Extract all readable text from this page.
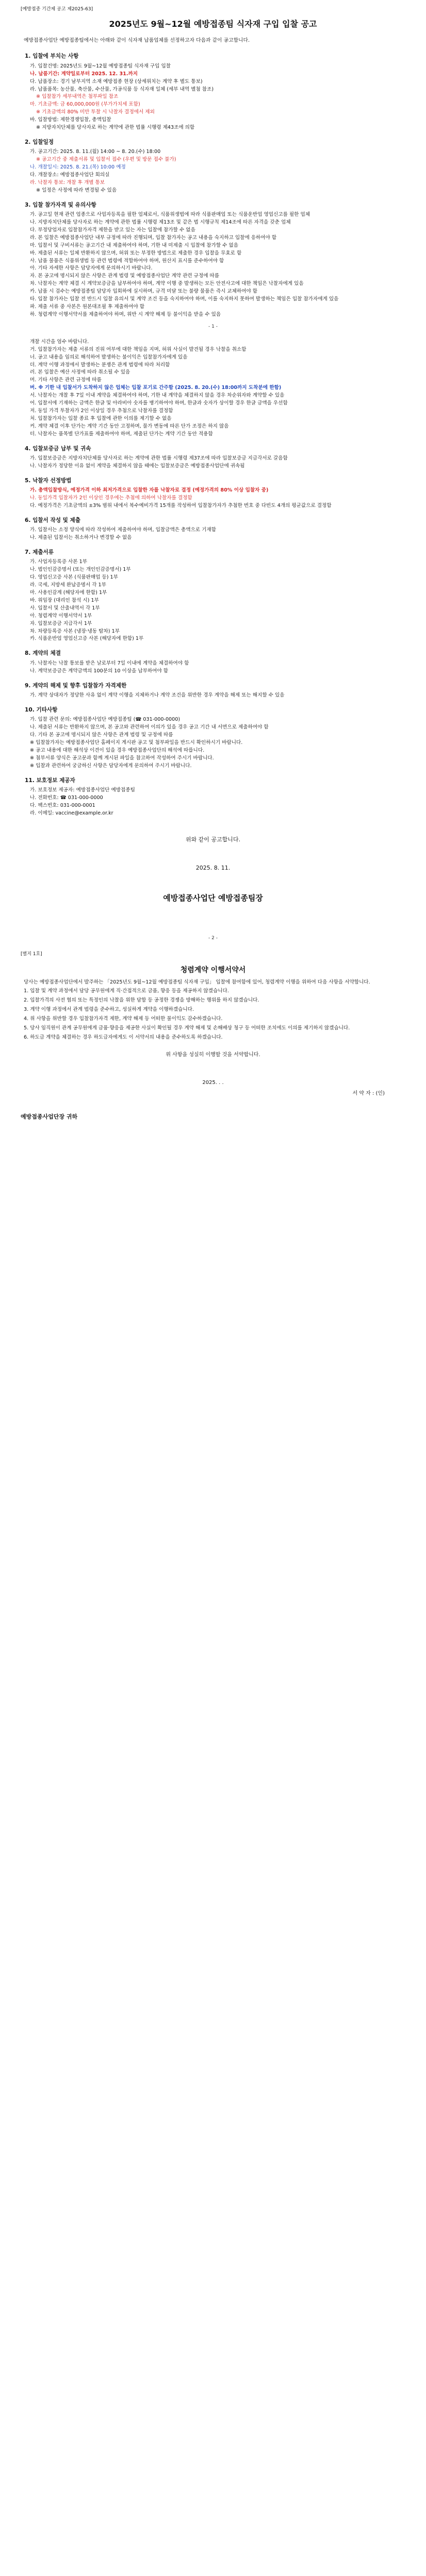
[예방접종 기간제 공고 제2025-63]
2025년도 9월~12월 예방접종팀 식자재 구입 입찰 공고
예방접종사업단 예방접종팀에서는 아래와 같이 식자재 납품업체를 선정하고자 다음과 같이 공고합니다.
1. 입찰에 부치는 사항
가. 입찰건명: 2025년도 9월~12월 예방접종팀 식자재 구입 입찰
나. 납품기간: 계약일로부터 2025. 12. 31.까지
다. 납품장소: 경기 남부지역 소재 예방접종 현장 (상세위치는 계약 후 별도 통보)
라. 납품품목: 농산물, 축산물, 수산물, 가공식품 등 식자재 일체 (세부 내역 별첨 참조)
※ 입찰참가 세부내역은 첨부파일 참조
마. 기초금액: 금 60,000,000원 (부가가치세 포함)
※ 기초금액의 80% 미만 투찰 시 낙찰자 결정에서 제외
바. 입찰방법: 제한경쟁입찰, 총액입찰
※ 지방자치단체를 당사자로 하는 계약에 관한 법률 시행령 제43조에 의함
2. 입찰일정
가. 공고기간: 2025. 8. 11.(월) 14:00 ~ 8. 20.(수) 18:00
※ 공고기간 중 제출서류 및 입찰서 접수 (우편 및 방문 접수 불가)
나. 개찰일시: 2025. 8. 21.(목) 10:00 예정
다. 개찰장소: 예방접종사업단 회의실
라. 낙찰자 통보: 개찰 후 개별 통보
※ 일정은 사정에 따라 변경될 수 있음
3. 입찰 참가자격 및 유의사항
가. 공고일 현재 관련 업종으로 사업자등록을 필한 업체로서, 식품위생법에 따라 식품판매업 또는 식품운반업 영업신고를 필한 업체
나. 지방자치단체를 당사자로 하는 계약에 관한 법률 시행령 제13조 및 같은 법 시행규칙 제14조에 따른 자격을 갖춘 업체
다. 부정당업자로 입찰참가자격 제한을 받고 있는 자는 입찰에 참가할 수 없음
라. 본 입찰은 예방접종사업단 내부 규정에 따라 진행되며, 입찰 참가자는 공고 내용을 숙지하고 입찰에 응하여야 함
마. 입찰서 및 구비서류는 공고기간 내 제출하여야 하며, 기한 내 미제출 시 입찰에 참가할 수 없음
바. 제출된 서류는 일체 반환하지 않으며, 허위 또는 부정한 방법으로 제출한 경우 입찰을 무효로 함
사. 납품 물품은 식품위생법 등 관련 법령에 적합하여야 하며, 원산지 표시를 준수하여야 함
아. 기타 자세한 사항은 담당자에게 문의하시기 바랍니다.
자. 본 공고에 명시되지 않은 사항은 관계 법령 및 예방접종사업단 계약 관련 규정에 따름
차. 낙찰자는 계약 체결 시 계약보증금을 납부하여야 하며, 계약 이행 중 발생하는 모든 안전사고에 대한 책임은 낙찰자에게 있음
카. 납품 시 검수는 예방접종팀 담당자 입회하에 실시하며, 규격 미달 또는 불량 물품은 즉시 교체하여야 함
타. 입찰 참가자는 입찰 전 반드시 입찰 유의서 및 계약 조건 등을 숙지하여야 하며, 이를 숙지하지 못하여 발생하는 책임은 입찰 참가자에게 있음
파. 제출 서류 중 사본은 원본대조필 후 제출하여야 함
하. 청렴계약 이행서약서를 제출하여야 하며, 위반 시 계약 해제 등 불이익을 받을 수 있음
- 1 -
개찰 시간을 엄수 바랍니다.
거. 입찰참가자는 제출 서류의 진위 여부에 대한 책임을 지며, 허위 사실이 발견될 경우 낙찰을 취소함
너. 공고 내용을 임의로 해석하여 발생하는 불이익은 입찰참가자에게 있음
더. 계약 이행 과정에서 발생하는 분쟁은 관계 법령에 따라 처리함
러. 본 입찰은 예산 사정에 따라 취소될 수 있음
머. 기타 사항은 관련 규정에 따름
버. ※ 기한 내 입찰서가 도착하지 않은 업체는 입찰 포기로 간주함 (2025. 8. 20.(수) 18:00까지 도착분에 한함)
서. 낙찰자는 개찰 후 7일 이내 계약을 체결하여야 하며, 기한 내 계약을 체결하지 않을 경우 차순위자와 계약할 수 있음
어. 입찰서에 기재하는 금액은 한글 및 아라비아 숫자를 병기하여야 하며, 한글과 숫자가 상이할 경우 한글 금액을 우선함
저. 동일 가격 투찰자가 2인 이상일 경우 추첨으로 낙찰자를 결정함
처. 입찰참가자는 입찰 종료 후 입찰에 관한 이의를 제기할 수 없음
커. 계약 체결 이후 단가는 계약 기간 동안 고정하며, 물가 변동에 따른 단가 조정은 하지 않음
터. 낙찰자는 품목별 단가표를 제출하여야 하며, 제출된 단가는 계약 기간 동안 적용함
4. 입찰보증금 납부 및 귀속
가. 입찰보증금은 지방자치단체를 당사자로 하는 계약에 관한 법률 시행령 제37조에 따라 입찰보증금 지급각서로 갈음함
나. 낙찰자가 정당한 이유 없이 계약을 체결하지 않을 때에는 입찰보증금은 예방접종사업단에 귀속됨
5. 낙찰자 선정방법
가. 총액입찰방식, 예정가격 이하 최저가격으로 입찰한 자를 낙찰자로 결정 (예정가격의 80% 이상 입찰자 중)
나. 동일가격 입찰자가 2인 이상인 경우에는 추첨에 의하여 낙찰자를 결정함
다. 예정가격은 기초금액의 ±3% 범위 내에서 복수예비가격 15개를 작성하여 입찰참가자가 추첨한 번호 중 다빈도 4개의 평균값으로 결정함
6. 입찰서 작성 및 제출
가. 입찰서는 소정 양식에 따라 작성하여 제출하여야 하며, 입찰금액은 총액으로 기재함
나. 제출된 입찰서는 취소하거나 변경할 수 없음
7. 제출서류
가. 사업자등록증 사본 1부
나. 법인인감증명서 (또는 개인인감증명서) 1부
다. 영업신고증 사본 (식품판매업 등) 1부
라. 국세, 지방세 완납증명서 각 1부
마. 사용인감계 (해당자에 한함) 1부
바. 위임장 (대리인 참석 시) 1부
사. 입찰서 및 산출내역서 각 1부
아. 청렴계약 이행서약서 1부
자. 입찰보증금 지급각서 1부
차. 차량등록증 사본 (냉장·냉동 탑차) 1부
카. 식품운반업 영업신고증 사본 (해당자에 한함) 1부
8. 계약의 체결
가. 낙찰자는 낙찰 통보를 받은 날로부터 7일 이내에 계약을 체결하여야 함
나. 계약보증금은 계약금액의 100분의 10 이상을 납부하여야 함
9. 계약의 해제 및 향후 입찰참가 자격제한
가. 계약 상대자가 정당한 사유 없이 계약 이행을 지체하거나 계약 조건을 위반한 경우 계약을 해제 또는 해지할 수 있음
10. 기타사항
가. 입찰 관련 문의: 예방접종사업단 예방접종팀 (☎ 031-000-0000)
나. 제출된 서류는 반환하지 않으며, 본 공고와 관련하여 이의가 있을 경우 공고 기간 내 서면으로 제출하여야 함
다. 기타 본 공고에 명시되지 않은 사항은 관계 법령 및 규정에 따름
※ 입찰참가자는 예방접종사업단 홈페이지 게시판 공고 및 첨부파일을 반드시 확인하시기 바랍니다.
※ 공고 내용에 대한 해석상 이견이 있을 경우 예방접종사업단의 해석에 따릅니다.
※ 첨부서류 양식은 공고문과 함께 게시된 파일을 참고하여 작성하여 주시기 바랍니다.
※ 입찰과 관련하여 궁금하신 사항은 담당자에게 문의하여 주시기 바랍니다.
11. 보호정보 제공자
가. 보호정보 제공자: 예방접종사업단 예방접종팀
나. 전화번호: ☎ 031-000-0000
다. 팩스번호: 031-000-0001
라. 이메일: vaccine@example.or.kr
위와 같이 공고합니다.
2025. 8. 11.
예방접종사업단 예방접종팀장
- 2 -
[별지 1호]
청렴계약 이행서약서
당사는 예방접종사업단에서 발주하는 「2025년도 9월~12월 예방접종팀 식자재 구입」 입찰에 참여함에 있어, 청렴계약 이행을 위하여 다음 사항을 서약합니다.
1. 입찰 및 계약 과정에서 담당 공무원에게 직·간접적으로 금품, 향응 등을 제공하지 않겠습니다.
2. 입찰가격의 사전 협의 또는 특정인의 낙찰을 위한 담합 등 공정한 경쟁을 방해하는 행위를 하지 않겠습니다.
3. 계약 이행 과정에서 관계 법령을 준수하고, 성실하게 계약을 이행하겠습니다.
4. 위 사항을 위반할 경우 입찰참가자격 제한, 계약 해제 등 어떠한 불이익도 감수하겠습니다.
5. 당사 임직원이 관계 공무원에게 금품·향응을 제공한 사실이 확인될 경우 계약 해제 및 손해배상 청구 등 어떠한 조치에도 이의를 제기하지 않겠습니다.
6. 하도급 계약을 체결하는 경우 하도급자에게도 이 서약서의 내용을 준수하도록 하겠습니다.
위 사항을 성실히 이행할 것을 서약합니다.
2025. . .
서 약 자 : (인)
예방접종사업단장 귀하
